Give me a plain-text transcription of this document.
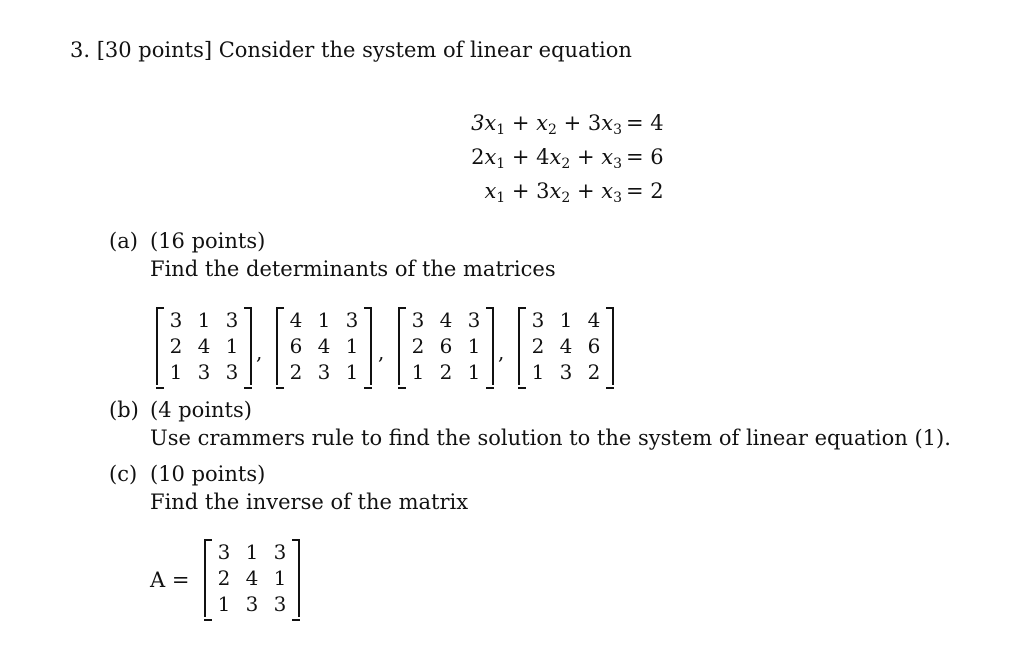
3. [30 points] Consider the system of linear equation
$3x_1 + x_2 + 3x_3 = 4$
$2x_1 + 4x_2 + x_3 = 6$
$x_1 + 3x_2 + x_3 = 2$
(a) (16 points)
Find the determinants of the matrices
3 1 3
2 4 1
1 3 3
,
4 1 3
6 4 1
2 3 1
,
3 4 3
2 6 1
1 2 1
,
3 1 4
2 4 6
1 3 2
(b) (4 points)
Use crammers rule to find the solution to the system of linear equation (1).
(c) (10 points)
Find the inverse of the matrix
A =
3 1 3
2 4 1
1 3 3
